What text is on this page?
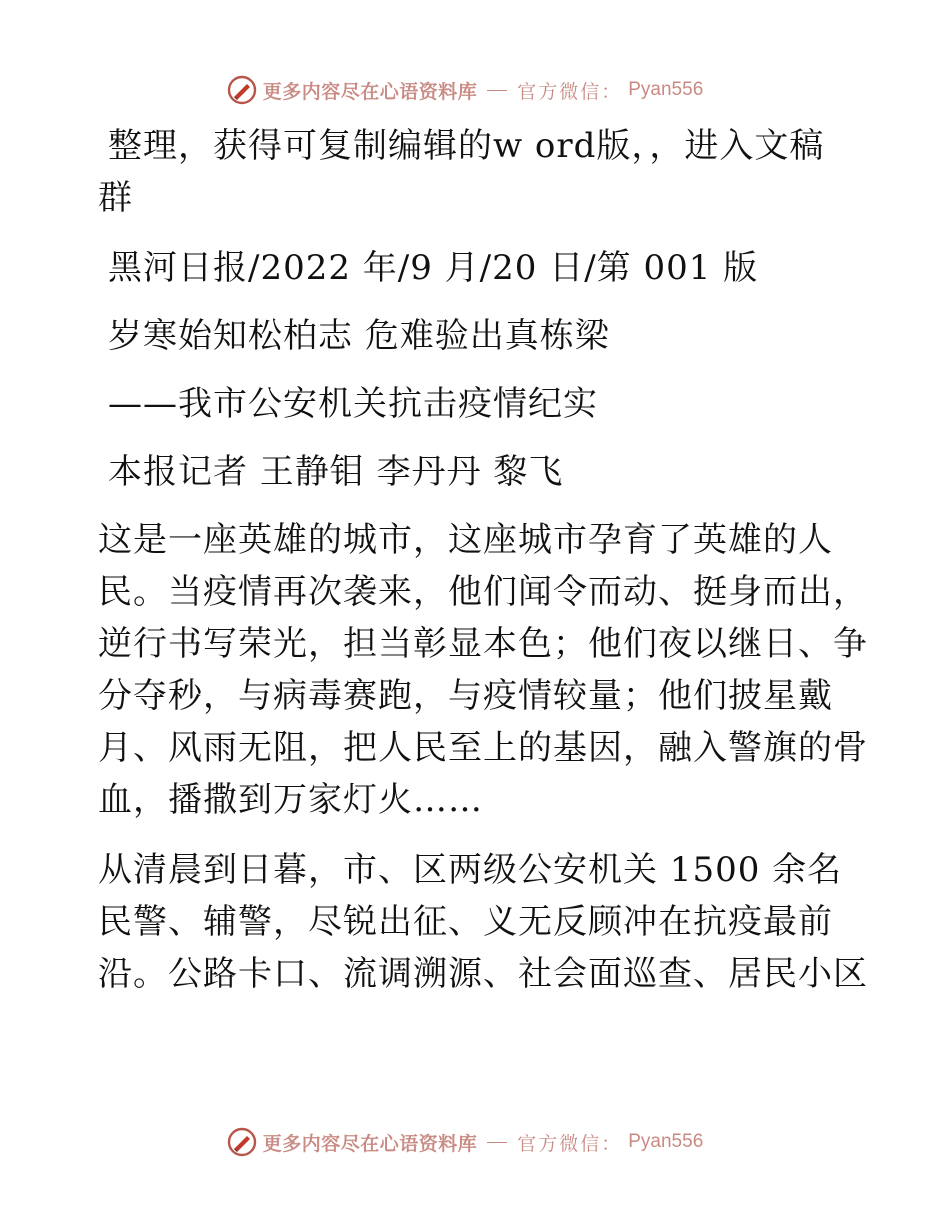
更多内容尽在心语资料库 官方微信： Pyan556

整理，获得可复制编辑的w ord版，，进入文稿

群

黑河日报/2022 年/9 月/20 日/第 001 版

岁寒始知松柏志 危难验出真栋梁

——我市公安机关抗击疫情纪实

本报记者 王静钼 李丹丹 黎飞

这是一座英雄的城市，这座城市孕育了英雄的人

民。当疫情再次袭来，他们闻令而动、挺身而出，

逆行书写荣光，担当彰显本色；他们夜以继日、争

分夺秒，与病毒赛跑，与疫情较量；他们披星戴

月、风雨无阻，把人民至上的基因，融入警旗的骨

血，播撒到万家灯火……

从清晨到日暮，市、区两级公安机关 1500 余名

民警、辅警，尽锐出征、义无反顾冲在抗疫最前

沿。公路卡口、流调溯源、社会面巡查、居民小区

更多内容尽在心语资料库 官方微信： Pyan556
